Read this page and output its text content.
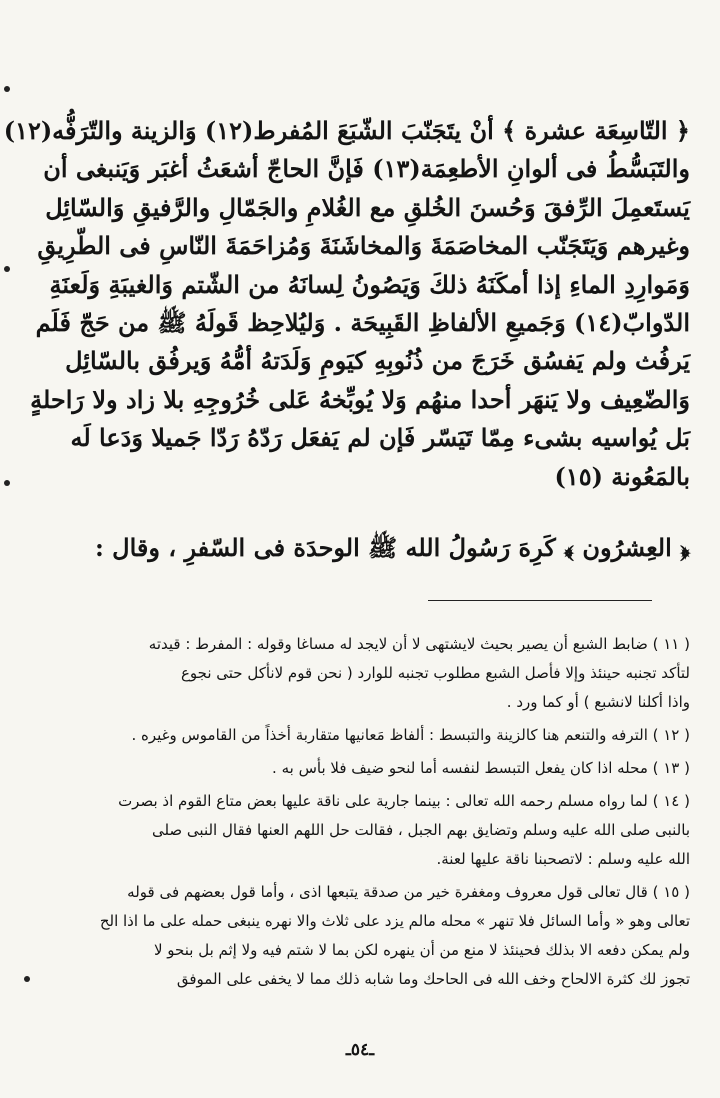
﴿ التّاسِعَة عشرة ﴾ أنْ يتَجَنّبَ الشّبَعَ المُفرط(١٢) وَالزينة والتّرَفُّه(١٢)
والتَبَسُّطُ فى ألوانِ الأطعِمَة(١٣) فَإنَّ الحاجّ أشعَثُ أغبَر وَيَنبغى أن
يَستَعمِلَ الرِّفقَ وَحُسنَ الخُلقِ مع الغُلامِ والجَمّالِ والرَّفيقِ وَالسّائِل
وغيرهم وَيَتَجَنّب المخاصَمَةَ وَالمخاشَنَةَ وَمُزاحَمَةَ النّاسِ فى الطّرِيقِ
وَمَوارِدِ الماءِ إذا أمكَنَهُ ذلكَ وَيَصُونُ لِسانَهُ من الشّتم وَالغيبَةِ وَلَعنَةِ
الدّوابّ(١٤) وَجَميعِ الألفاظِ القَبِيحَة . وَليُلاحِظ قَولَهُ ﷺ من حَجّ فَلَم
يَرفُث ولم يَفسُق خَرَجَ من ذُنُوبِهِ كيَومِ وَلَدَتهُ أمُّهُ وَيرفُق بالسّائِل
وَالضّعِيف ولا يَنهَر أحدا منهُم وَلا يُوبِّخهُ عَلى خُرُوجِهِ بلا زاد ولا رَاحلةٍ
بَل يُواسيه بشىء مِمّا تَيَسّر فَإن لم يَفعَل رَدّهُ رَدّا جَميلا وَدَعا لَه
بالمَعُونة (١٥)
﴿ العِشرُون ﴾ كَرِهَ رَسُولُ الله ﷺ الوحدَة فى السّفرِ ، وقال :
( ١١ ) ضابط الشبع أن يصير بحيث لايشتهى لا أن لايجد له مساغا وقوله : المفرط : قيدته
لتأكد تجنبه حينئذ وإلا فأصل الشبع مطلوب تجنبه للوارد ( نحن قوم لانأكل حتى نجوع
واذا أكلنا لانشبع ) أو كما ورد .
( ١٢ ) الترفه والتنعم هنا كالزينة والتبسط : ألفاظ مَعانيها متقاربة أخذاً من القاموس وغيره .
( ١٣ ) محله اذا كان يفعل التبسط لنفسه أما لنحو ضيف فلا بأس به .
( ١٤ ) لما رواه مسلم رحمه الله تعالى : بينما جارية على ناقة عليها بعض متاع القوم اذ بصرت
بالنبى صلى الله عليه وسلم وتضايق بهم الجبل ، فقالت حل اللهم العنها فقال النبى صلى
الله عليه وسلم : لاتصحبنا ناقة عليها لعنة.
( ١٥ ) قال تعالى قول معروف ومغفرة خير من صدقة يتبعها اذى ، وأما قول بعضهم فى قوله
تعالى وهو « وأما السائل فلا تنهر » محله مالم يزد على ثلاث والا نهره ينبغى حمله على ما اذا الح
ولم يمكن دفعه الا بذلك فحينئذ لا منع من أن ينهره لكن بما لا شتم فيه ولا إثم بل بنحو لا
تجوز لك كثرة الالحاح وخف الله فى الحاحك وما شابه ذلك مما لا يخفى على الموفق
ـ٥٤ـ
